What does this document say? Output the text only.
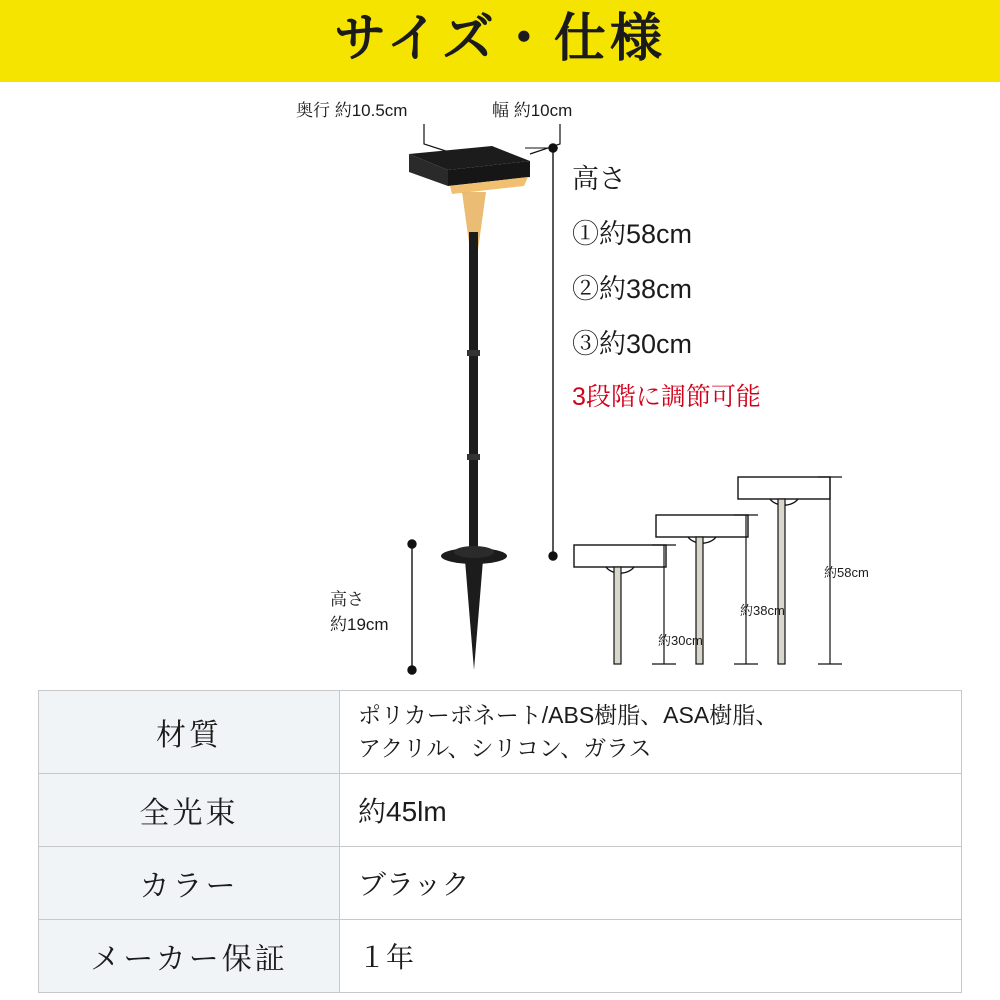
サイズ・仕様
奥行 約10.5cm	幅 約10cm
高さ
①約58cm
②約38cm
③約30cm
3段階に調節可能
高さ
約19cm
約58cm
約38cm
約30cm
材質	ポリカーボネート/ABS樹脂、ASA樹脂、
アクリル、シリコン、ガラス

全光束	約45lm
カラー	ブラック
メーカー保証	１年
